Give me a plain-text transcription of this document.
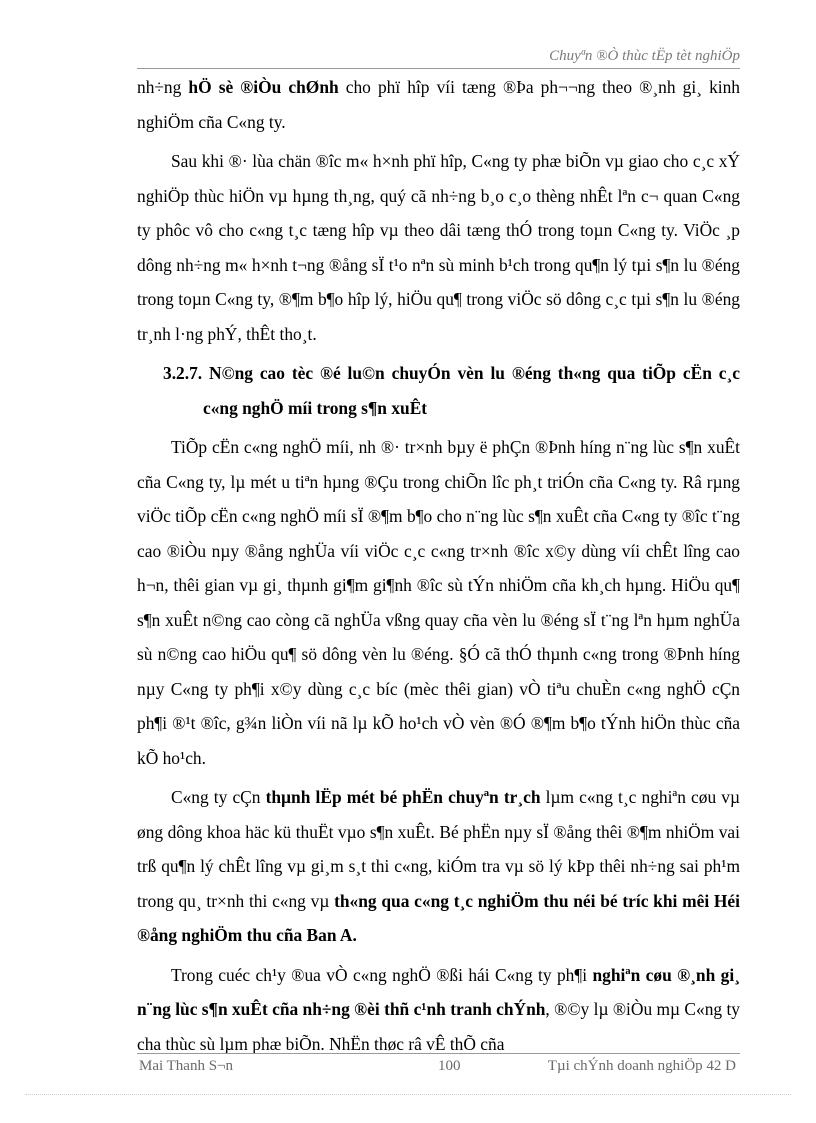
Chuyªn ®Ò thùc tËp tèt nghiÖp

nh÷ng hÖ sè ®iÒu chØnh cho phï hîp víi tæng ®Þa ph¬¬ng theo ®¸nh gi¸ kinh nghiÖm cña C«ng ty.

Sau khi ®· lùa chän ®îc m« h×nh phï hîp, C«ng ty phæ biÕn vµ giao cho c¸c xÝ nghiÖp thùc hiÖn vµ hµng th¸ng, quý cã nh÷ng b¸o c¸o thèng nhÊt lªn c¬ quan C«ng ty phôc vô cho c«ng t¸c tæng hîp vµ theo dâi tæng thÓ trong toµn C«ng ty. ViÖc ¸p dông nh÷ng m« h×nh t¬ng ®ång sÏ t¹o nªn sù minh b¹ch trong qu¶n lý tµi s¶n lu ®éng trong toµn C«ng ty, ®¶m b¶o hîp lý, hiÖu qu¶ trong viÖc sö dông c¸c tµi s¶n lu ®éng tr¸nh l·ng phÝ, thÊt tho¸t.

3.2.7. N©ng cao tèc ®é lu©n chuyÓn vèn lu ®éng th«ng qua tiÕp cËn c¸c c«ng nghÖ míi trong s¶n xuÊt

TiÕp cËn c«ng nghÖ míi, nh ®· tr×nh bµy ë phÇn ®Þnh híng n¨ng lùc s¶n xuÊt cña C«ng ty, lµ mét u tiªn hµng ®Çu trong chiÕn lîc ph¸t triÓn cña C«ng ty. Râ rµng viÖc tiÕp cËn c«ng nghÖ míi sÏ ®¶m b¶o cho n¨ng lùc s¶n xuÊt cña C«ng ty ®îc t¨ng cao ®iÒu nµy ®ång nghÜa víi viÖc c¸c c«ng tr×nh ®îc x©y dùng víi chÊt lîng cao h¬n, thêi gian vµ gi¸ thµnh gi¶m gi¶nh ®îc sù tÝn nhiÖm cña kh¸ch hµng. HiÖu qu¶ s¶n xuÊt n©ng cao còng cã nghÜa vßng quay cña vèn lu ®éng sÏ t¨ng lªn hµm nghÜa sù n©ng cao hiÖu qu¶ sö dông vèn lu ®éng. §Ó cã thÓ thµnh c«ng trong ®Þnh híng nµy C«ng ty ph¶i x©y dùng c¸c bíc (mèc thêi gian) vÒ tiªu chuÈn c«ng nghÖ cÇn ph¶i ®¹t ®îc, g¾n liÒn víi nã lµ kÕ ho¹ch vÒ vèn ®Ó ®¶m b¶o tÝnh hiÖn thùc cña kÕ ho¹ch.

C«ng ty cÇn thµnh lËp mét bé phËn chuyªn tr¸ch lµm c«ng t¸c nghiªn cøu vµ øng dông khoa häc kü thuËt vµo s¶n xuÊt. Bé phËn nµy sÏ ®ång thêi ®¶m nhiÖm vai trß qu¶n lý chÊt lîng vµ gi¸m s¸t thi c«ng, kiÓm tra vµ sö lý kÞp thêi nh÷ng sai ph¹m trong qu¸ tr×nh thi c«ng vµ th«ng qua c«ng t¸c nghiÖm thu néi bé tríc khi mêi Héi ®ång nghiÖm thu cña Ban A.

Trong cuéc ch¹y ®ua vÒ c«ng nghÖ ®ßi hái C«ng ty ph¶i nghiªn cøu ®¸nh gi¸ n¨ng lùc s¶n xuÊt cña nh÷ng ®èi thñ c¹nh tranh chÝnh, ®©y lµ ®iÒu mµ C«ng ty cha thùc sù lµm phæ biÕn. NhËn thøc râ vÊ thÕ cña

Mai Thanh S¬n	100	Tµi chÝnh doanh nghiÖp 42 D
